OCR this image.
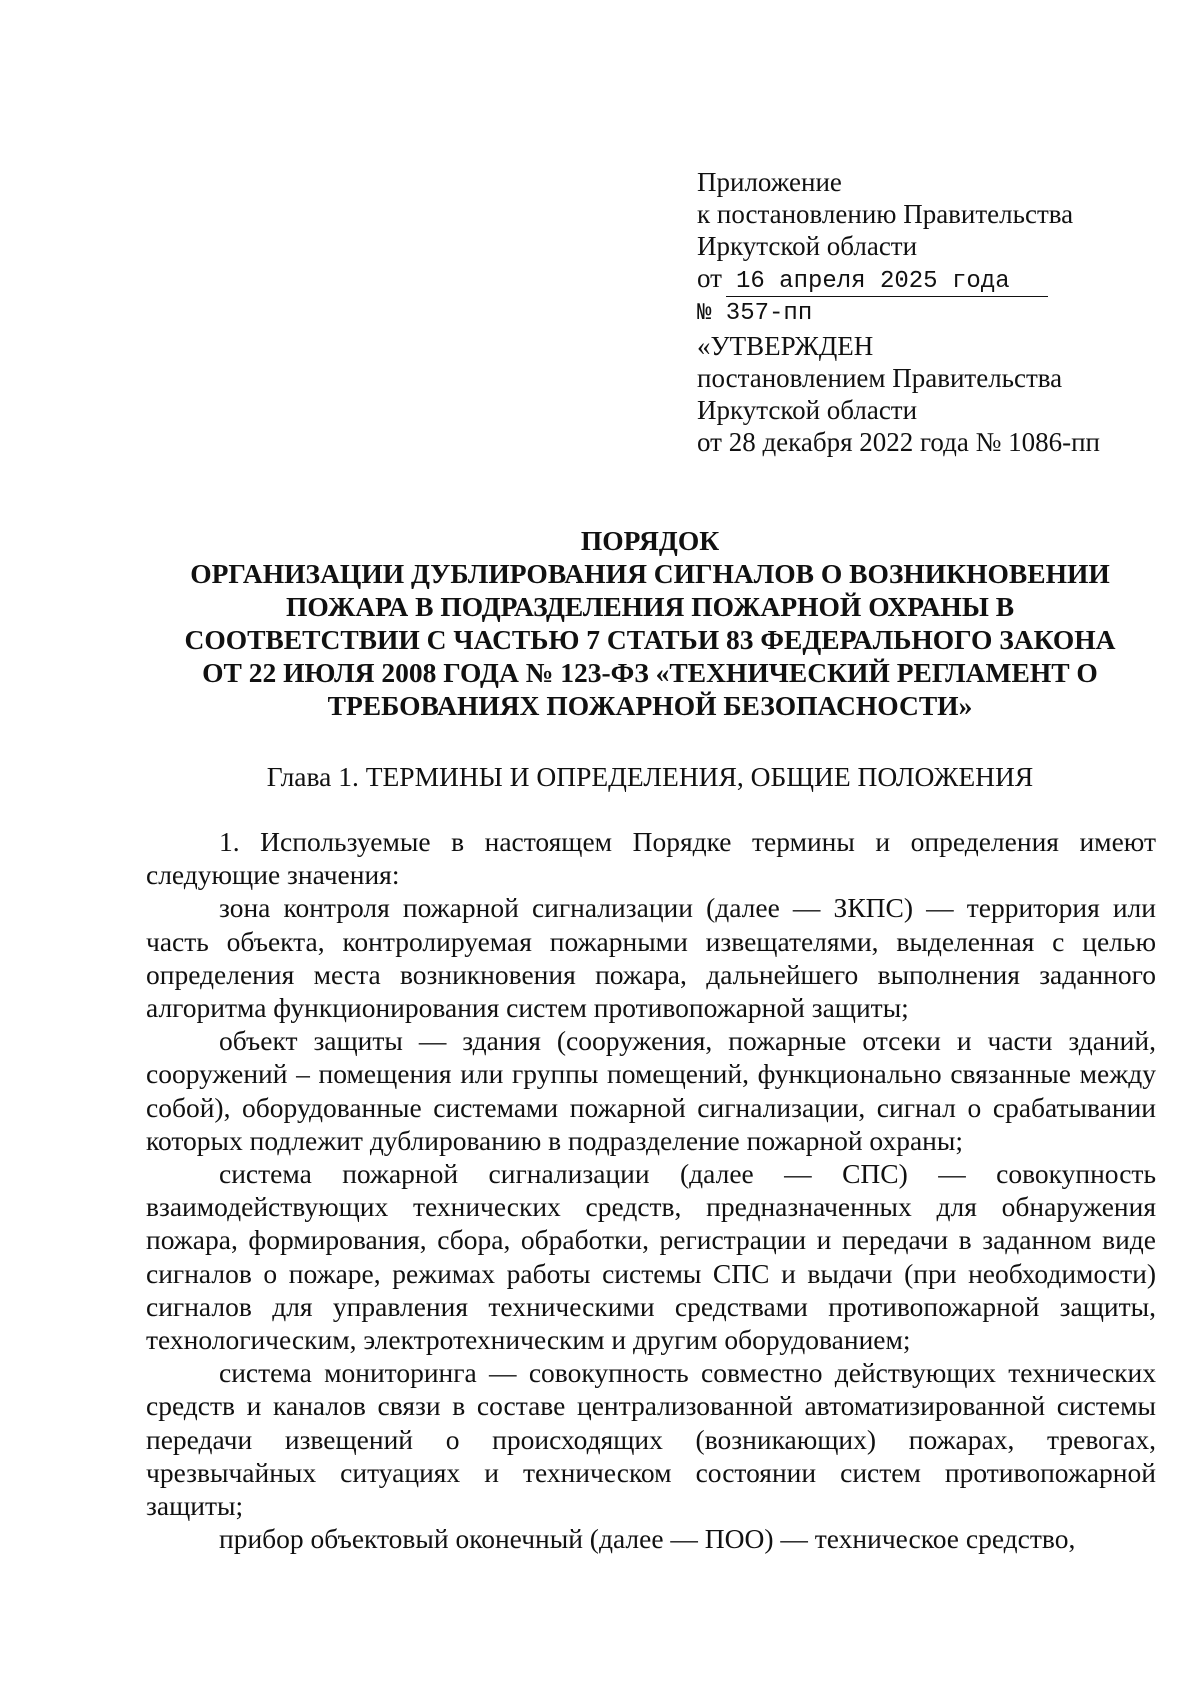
Приложение
к постановлению Правительства
Иркутской области
от 16 апреля 2025 года
№ 357-пп
«УТВЕРЖДЕН
постановлением Правительства
Иркутской области
от 28 декабря 2022 года № 1086-пп
ПОРЯДОК
ОРГАНИЗАЦИИ ДУБЛИРОВАНИЯ СИГНАЛОВ О ВОЗНИКНОВЕНИИ
ПОЖАРА В ПОДРАЗДЕЛЕНИЯ ПОЖАРНОЙ ОХРАНЫ В
СООТВЕТСТВИИ С ЧАСТЬЮ 7 СТАТЬИ 83 ФЕДЕРАЛЬНОГО ЗАКОНА
ОТ 22 ИЮЛЯ 2008 ГОДА № 123-ФЗ «ТЕХНИЧЕСКИЙ РЕГЛАМЕНТ О
ТРЕБОВАНИЯХ ПОЖАРНОЙ БЕЗОПАСНОСТИ»
Глава 1. ТЕРМИНЫ И ОПРЕДЕЛЕНИЯ, ОБЩИЕ ПОЛОЖЕНИЯ

1. Используемые в настоящем Порядке термины и определения имеют следующие значения:

зона контроля пожарной сигнализации (далее — ЗКПС) — территория или часть объекта, контролируемая пожарными извещателями, выделенная с целью определения места возникновения пожара, дальнейшего выполнения заданного алгоритма функционирования систем противопожарной защиты;

объект защиты — здания (сооружения, пожарные отсеки и части зданий, сооружений – помещения или группы помещений, функционально связанные между собой), оборудованные системами пожарной сигнализации, сигнал о срабатывании которых подлежит дублированию в подразделение пожарной охраны;

система пожарной сигнализации (далее — СПС) — совокупность взаимодействующих технических средств, предназначенных для обнаружения пожара, формирования, сбора, обработки, регистрации и передачи в заданном виде сигналов о пожаре, режимах работы системы СПС и выдачи (при необходимости) сигналов для управления техническими средствами противопожарной защиты, технологическим, электротехническим и другим оборудованием;

система мониторинга — совокупность совместно действующих технических средств и каналов связи в составе централизованной автоматизированной системы передачи извещений о происходящих (возникающих) пожарах, тревогах, чрезвычайных ситуациях и техническом состоянии систем противопожарной защиты;

прибор объектовый оконечный (далее — ПОО) — техническое средство,
